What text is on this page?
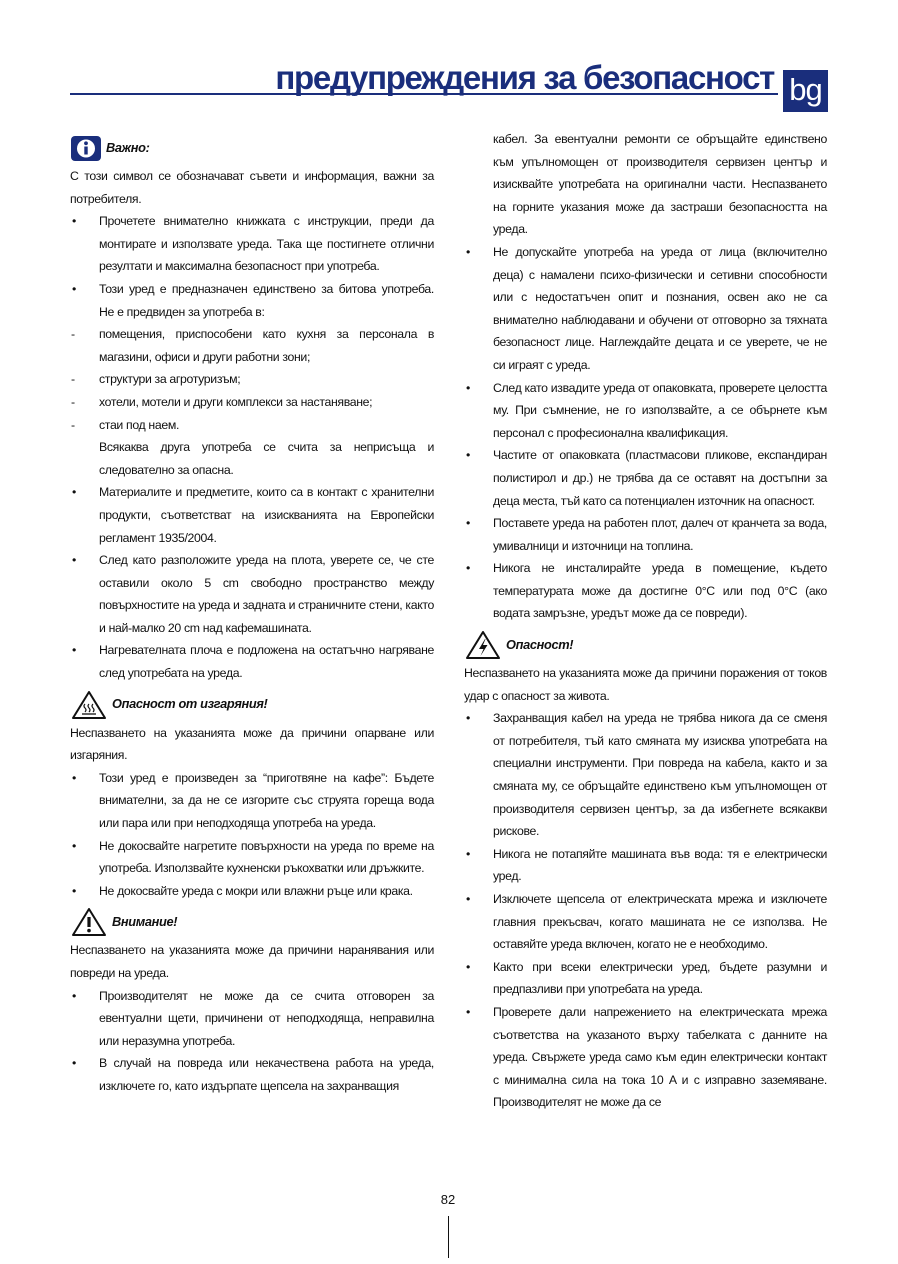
предупреждения за безопасност bg
Важно:
С този символ се обозначават съвети и информация, важни за потребителя.
• Прочетете внимателно книжката с инструкции, преди да монтирате и използвате уреда. Така ще постигнете отлични резултати и максимална безопасност при употреба.
• Този уред е предназначен единствено за битова употреба. Не е предвиден за употреба в:
- помещения, приспособени като кухня за персонала в магазини, офиси и други работни зони;
- структури за агротуризъм;
- хотели, мотели и други комплекси за настаняване;
- стаи под наем.
Всякаква друга употреба се счита за неприсъща и следователно за опасна.
• Материалите и предметите, които са в контакт с хранителни продукти, съответстват на изискванията на Европейски регламент 1935/2004.
• След като разположите уреда на плота, уверете се, че сте оставили около 5 cm свободно пространство между повърхностите на уреда и задната и страничните стени, както и най-малко 20 cm над кафемашината.
• Нагревателната плоча е подложена на остатъчно нагряване след употребата на уреда.
Опасност от изгаряния!
Неспазването на указанията може да причини опарване или изгаряния.
• Този уред е произведен за “приготвяне на кафе”: Бъдете внимателни, за да не се изгорите със струята гореща вода или пара или при неподходяща употреба на уреда.
• Не докосвайте нагретите повърхности на уреда по време на употреба. Използвайте кухненски ръкохватки или дръжките.
• Не докосвайте уреда с мокри или влажни ръце или крака.
Внимание!
Неспазването на указанията може да причини наранявания или повреди на уреда.
• Производителят не може да се счита отговорен за евентуални щети, причинени от неподходяща, неправилна или неразумна употреба.
• В случай на повреда или некачествена работа на уреда, изключете го, като издърпате щепсела на захранващия
кабел. За евентуални ремонти се обръщайте единствено към упълномощен от производителя сервизен център и изисквайте употребата на оригинални части. Неспазването на горните указания може да застраши безопасността на уреда.
• Не допускайте употреба на уреда от лица (включително деца) с намалени психо-физически и сетивни способности или с недостатъчен опит и познания, освен ако не са внимателно наблюдавани и обучени от отговорно за тяхната безопасност лице. Наглеждайте децата и се уверете, че не си играят с уреда.
• След като извадите уреда от опаковката, проверете целостта му. При съмнение, не го използвайте, а се обърнете към персонал с професионална квалификация.
• Частите от опаковката (пластмасови пликове, експандиран полистирол и др.) не трябва да се оставят на достъпни за деца места, тъй като са потенциален източник на опасност.
• Поставете уреда на работен плот, далеч от кранчета за вода, умивалници и източници на топлина.
• Никога не инсталирайте уреда в помещение, където температурата може да достигне 0°C или под 0°C (ако водата замръзне, уредът може да се повреди).
Опасност!
Неспазването на указанията може да причини поражения от токов удар с опасност за живота.
• Захранващия кабел на уреда не трябва никога да се сменя от потребителя, тъй като смяната му изисква употребата на специални инструменти. При повреда на кабела, както и за смяната му, се обръщайте единствено към упълномощен от производителя сервизен център, за да избегнете всякакви рискове.
• Никога не потапяйте машината във вода: тя е електрически уред.
• Изключете щепсела от електрическата мрежа и изключете главния прекъсвач, когато машината не се използва. Не оставяйте уреда включен, когато не е необходимо.
• Както при всеки електрически уред, бъдете разумни и предпазливи при употребата на уреда.
• Проверете дали напрежението на електрическата мрежа съответства на указаното върху табелката с данните на уреда. Свържете уреда само към един електрически контакт с минимална сила на тока 10 A и с изправно заземяване. Производителят не може да се
82
